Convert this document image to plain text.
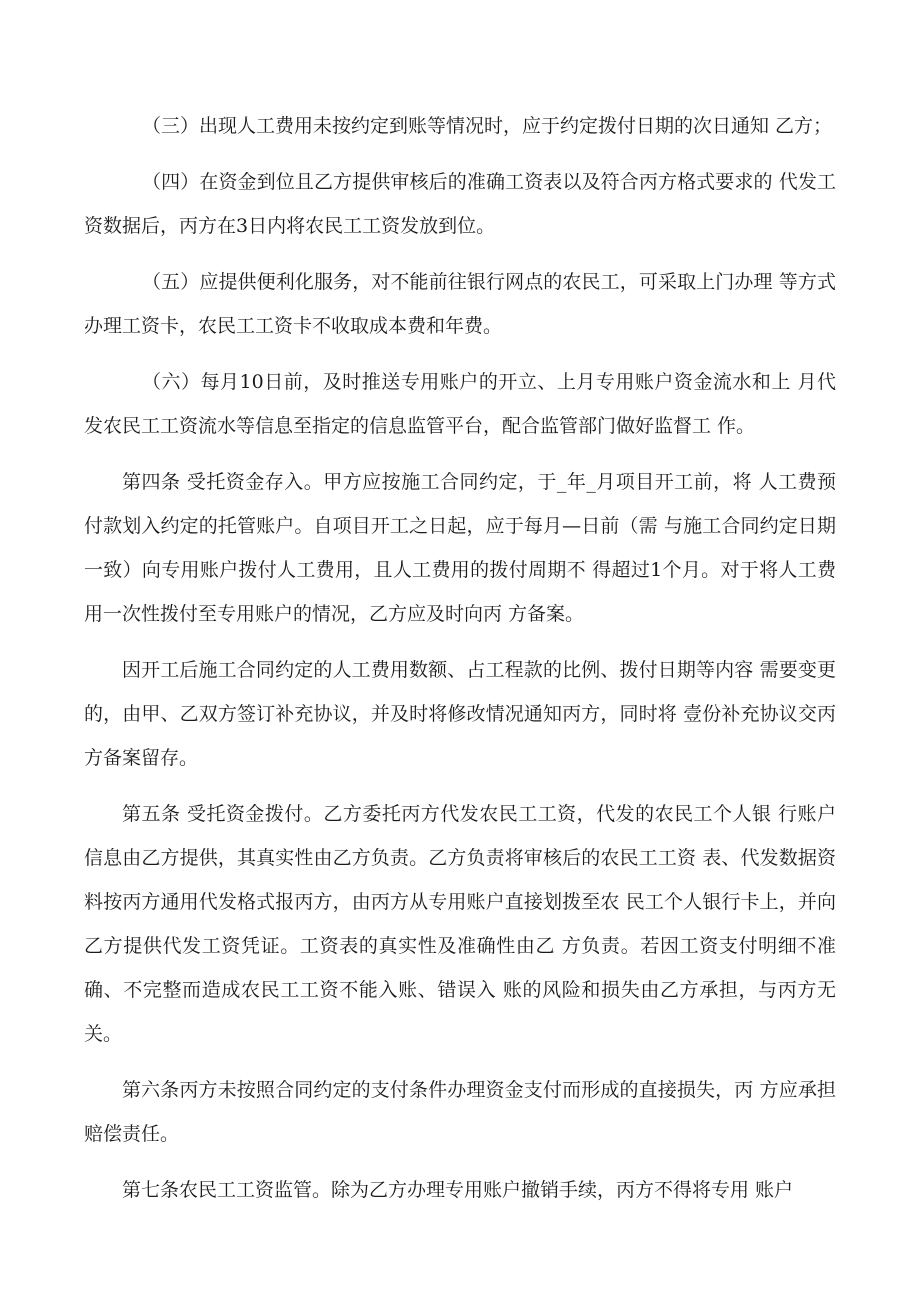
（三）出现人工费用未按约定到账等情况时，应于约定拨付日期的次日通知 乙方；

（四）在资金到位且乙方提供审核后的准确工资表以及符合丙方格式要求的 代发工资数据后，丙方在3日内将农民工工资发放到位。

（五）应提供便利化服务，对不能前往银行网点的农民工，可采取上门办理 等方式办理工资卡，农民工工资卡不收取成本费和年费。

（六）每月10日前，及时推送专用账户的开立、上月专用账户资金流水和上 月代发农民工工资流水等信息至指定的信息监管平台，配合监管部门做好监督工 作。

第四条 受托资金存入。甲方应按施工合同约定，于_年_月项目开工前，将 人工费预付款划入约定的托管账户。自项目开工之日起，应于每月—日前（需 与施工合同约定日期一致）向专用账户拨付人工费用，且人工费用的拨付周期不 得超过1个月。对于将人工费用一次性拨付至专用账户的情况，乙方应及时向丙 方备案。

因开工后施工合同约定的人工费用数额、占工程款的比例、拨付日期等内容 需要变更的，由甲、乙双方签订补充协议，并及时将修改情况通知丙方，同时将 壹份补充协议交丙方备案留存。

第五条 受托资金拨付。乙方委托丙方代发农民工工资，代发的农民工个人银 行账户信息由乙方提供，其真实性由乙方负责。乙方负责将审核后的农民工工资 表、代发数据资料按丙方通用代发格式报丙方，由丙方从专用账户直接划拨至农 民工个人银行卡上，并向乙方提供代发工资凭证。工资表的真实性及准确性由乙 方负责。若因工资支付明细不准确、不完整而造成农民工工资不能入账、错误入 账的风险和损失由乙方承担，与丙方无关。

第六条丙方未按照合同约定的支付条件办理资金支付而形成的直接损失，丙 方应承担赔偿责任。

第七条农民工工资监管。除为乙方办理专用账户撤销手续，丙方不得将专用 账户
